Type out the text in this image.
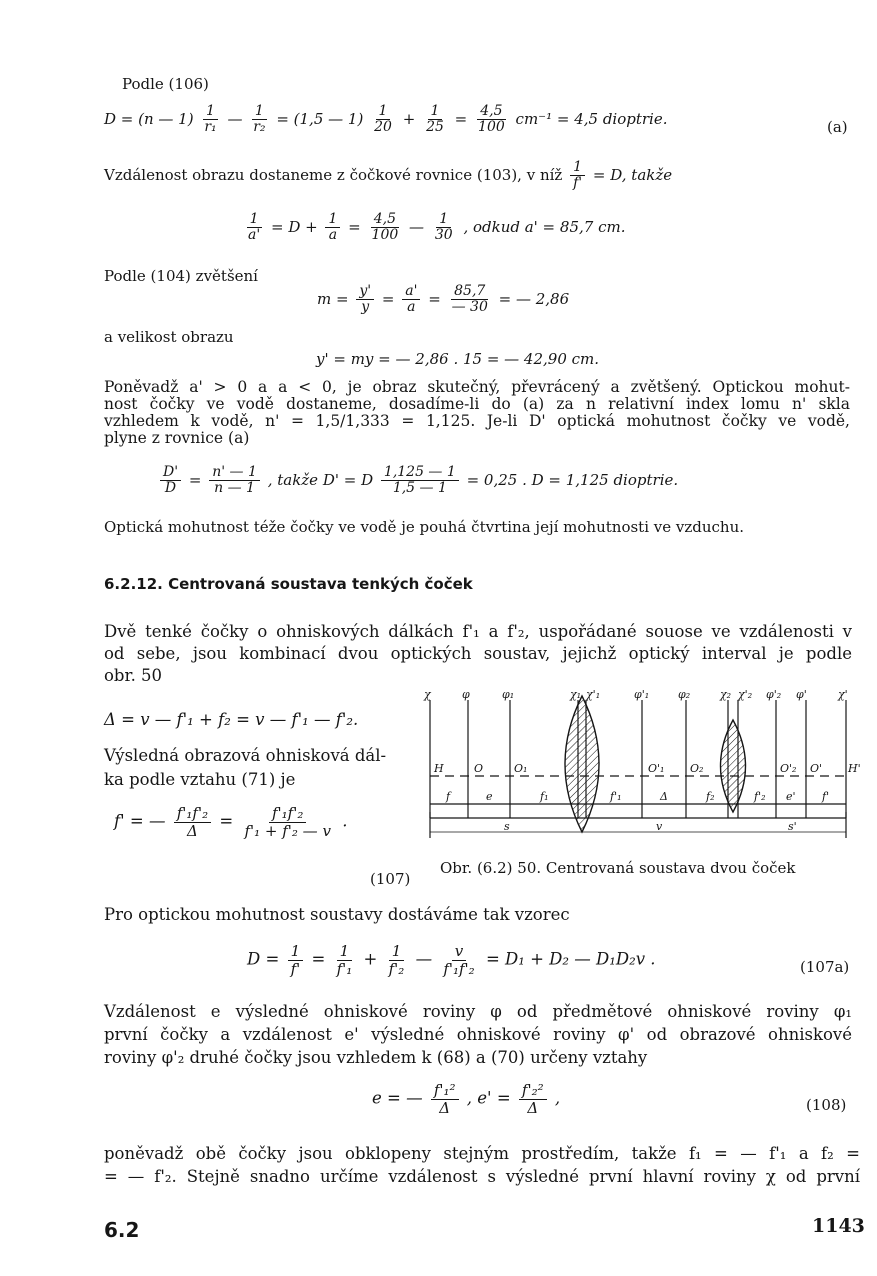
Podle (106)
D = (n — $1) \frac{1}{\text{r₁}}$ — $\frac{1}{\text{r₂}} = (1,5$ — $1) \frac{1}{20} + \frac{1}{25} = \frac{4,5}{100} cm^{-1} = 4,5$ dioptrie.	(a)
Vzdálenost obrazu dostaneme z čočkové rovnice (103), v níž $\frac{1}{f'} = D$, takže
$\frac{1}{a'} = D + \frac{1}{a} = \frac{4,5}{100}$ — $\frac{1}{30}$ , odkud a' = 85,7 cm.
Podle (104) zvětšení
$m = \frac{y'}{y} = \frac{a'}{a} = \frac{85,7}{— 30}$ = — 2,86
a velikost obrazu
y' = my = — 2,86 . 15 = — 42,90 cm.
Poněvadž a' > 0 a a < 0, je obraz skutečný, převrácený a zvětšený. Optickou mohut-
nost čočky ve vodě dostaneme, dosadíme-li do (a) za n relativní index lomu n' skla
vzhledem k vodě, n' = 1,5/1,333 = 1,125. Je-li D' optická mohutnost čočky ve vodě,
plyne z rovnice (a)
$\frac{D'}{D} = \frac{n' — 1}{n — 1}$ , takže D' = D $\frac{1,125 — 1}{1,5 — 1} = 0,25$ . D = 1,125 dioptrie.
Optická mohutnost téže čočky ve vodě je pouhá čtvrtina její mohutnosti ve vzduchu.
6.2.12. Centrovaná soustava tenkých čoček
Dvě tenké čočky o ohniskových dálkách f'₁ a f'₂, uspořádané souose ve vzdálenosti v
od sebe, jsou kombinací dvou optických soustav, jejichž optický interval je podle
obr. 50
Δ = v — f'₁ + f₂ = v — f'₁ — f'₂.
Výsledná obrazová ohnisková dál-
ka podle vztahu (71) je
f' = — $\frac{\text{f'₁f'₂}}{\Delta} = \frac{\text{f'₁f'₂}}{\text{f'₁ + f'₂ — v}}$ .
(107)
χ	φ	φ₁	χ₁ χ'₁	φ'₁	φ₂	χ₂ χ'₂ φ'₂ φ'	χ'
H	O	O₁	O'₁ O₂	O'₂ O' H'
f	e	f₁	f'₁	Δ	f₂	f'₂ e' f'
s	v	s'
Obr. (6.2) 50. Centrovaná soustava dvou čoček
Pro optickou mohutnost soustavy dostáváme tak vzorec
$D = \frac{1}{f'} = \frac{1}{\text{f'₁}} + \frac{1}{\text{f'₂}}$ — $\frac{v}{\text{f'₁f'₂}} = D_1 + D_2$ — D₁D₂v .	(107a)
Vzdálenost e výsledné ohniskové roviny φ od předmětové ohniskové roviny φ₁
první čočky a vzdálenost e' výsledné ohniskové roviny φ' od obrazové ohniskové
roviny φ'₂ druhé čočky jsou vzhledem k (68) a (70) určeny vztahy
e = — $\frac{\text{f'₁²}}{\Delta}$ , $e' = \frac{\text{f'₂²}}{\Delta}$ ,	(108)
poněvadž obě čočky jsou obklopeny stejným prostředím, takže f₁ = — f'₁ a f₂ =
= — f'₂. Stejně snadno určíme vzdálenost s výsledné první hlavní roviny χ od první
6.2	1143
